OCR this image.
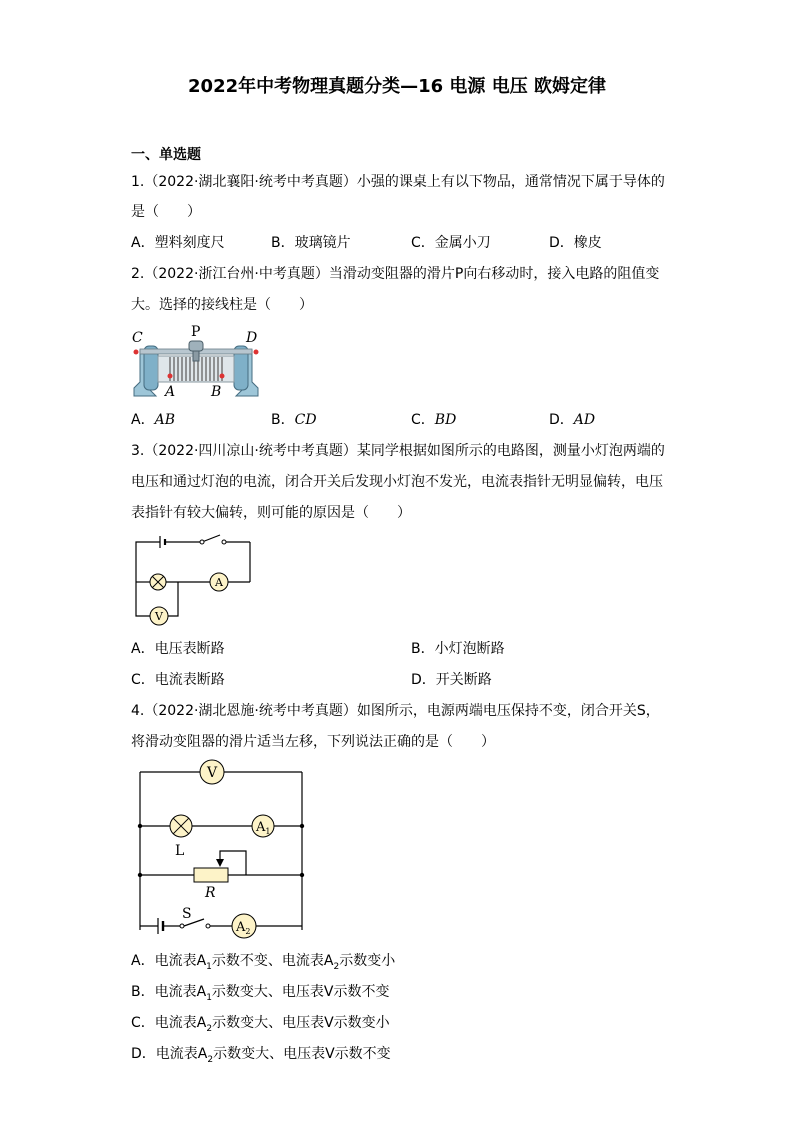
2022年中考物理真题分类—16 电源 电压 欧姆定律
一、单选题
1.（2022·湖北襄阳·统考中考真题）小强的课桌上有以下物品，通常情况下属于导体的
是（　　）
A．塑料刻度尺	B．玻璃镜片	C．金属小刀	D．橡皮
2.（2022·浙江台州·中考真题）当滑动变阻器的滑片P向右移动时，接入电路的阻值变
大。选择的接线柱是（　　）
C	P	D
A	B
A．AB	B．CD	C．BD	D．AD
3.（2022·四川凉山·统考中考真题）某同学根据如图所示的电路图，测量小灯泡两端的
电压和通过灯泡的电流，闭合开关后发现小灯泡不发光，电流表指针无明显偏转，电压
表指针有较大偏转，则可能的原因是（　　）
A
V
A．电压表断路	B．小灯泡断路
C．电流表断路	D．开关断路
4.（2022·湖北恩施·统考中考真题）如图所示，电源两端电压保持不变，闭合开关S，
将滑动变阻器的滑片适当左移，下列说法正确的是（　　）
S
V
L
$A_1$
R
$A_2$
A．电流表$A_1$示数不变、电流表$A_2$示数变小
B．电流表$A_1$示数变大、电压表V示数不变
C．电流表$A_2$示数变大、电压表V示数变小
D．电流表$A_2$示数变大、电压表V示数不变
